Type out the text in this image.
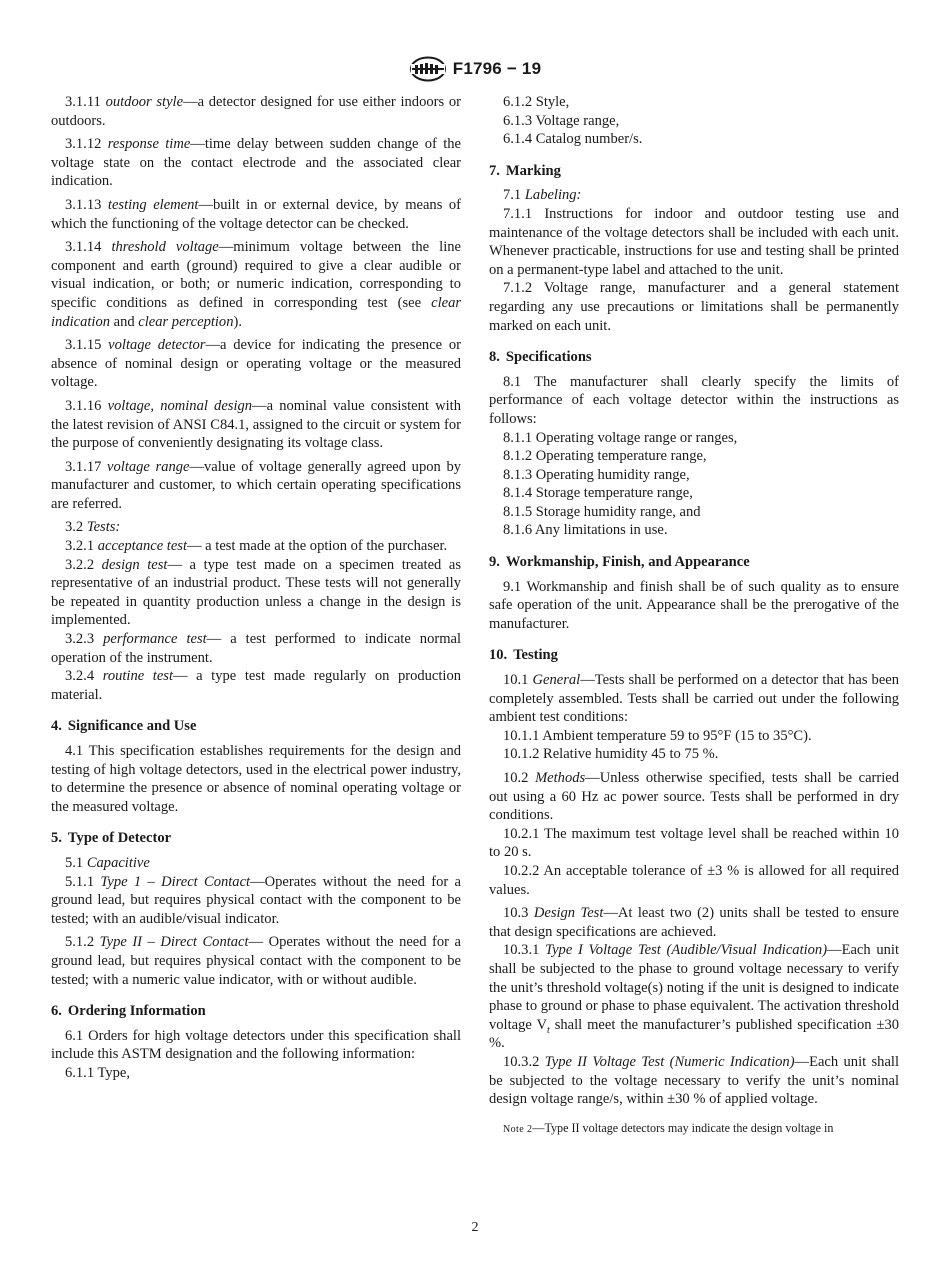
F1796 − 19

3.1.11 outdoor style—a detector designed for use either indoors or outdoors.

3.1.12 response time—time delay between sudden change of the voltage state on the contact electrode and the associated clear indication.

3.1.13 testing element—built in or external device, by means of which the functioning of the voltage detector can be checked.

3.1.14 threshold voltage—minimum voltage between the line component and earth (ground) required to give a clear audible or visual indication, or both; or numeric indication, corresponding to specific conditions as defined in corresponding test (see clear indication and clear perception).

3.1.15 voltage detector—a device for indicating the presence or absence of nominal design or operating voltage or the measured voltage.

3.1.16 voltage, nominal design—a nominal value consistent with the latest revision of ANSI C84.1, assigned to the circuit or system for the purpose of conveniently designating its voltage class.

3.1.17 voltage range—value of voltage generally agreed upon by manufacturer and customer, to which certain operating specifications are referred.

3.2 Tests:

3.2.1 acceptance test— a test made at the option of the purchaser.

3.2.2 design test— a type test made on a specimen treated as representative of an industrial product. These tests will not generally be repeated in quantity production unless a change in the design is implemented.

3.2.3 performance test— a test performed to indicate normal operation of the instrument.

3.2.4 routine test— a type test made regularly on production material.

4. Significance and Use

4.1 This specification establishes requirements for the design and testing of high voltage detectors, used in the electrical power industry, to determine the presence or absence of nominal operating voltage or the measured voltage.

5. Type of Detector

5.1 Capacitive

5.1.1 Type 1 – Direct Contact—Operates without the need for a ground lead, but requires physical contact with the component to be tested; with an audible/visual indicator.

5.1.2 Type II – Direct Contact— Operates without the need for a ground lead, but requires physical contact with the component to be tested; with a numeric value indicator, with or without audible.

6. Ordering Information

6.1 Orders for high voltage detectors under this specification shall include this ASTM designation and the following information:

6.1.1 Type,

6.1.2 Style,

6.1.3 Voltage range,

6.1.4 Catalog number/s.

7. Marking

7.1 Labeling:

7.1.1 Instructions for indoor and outdoor testing use and maintenance of the voltage detectors shall be included with each unit. Whenever practicable, instructions for use and testing shall be printed on a permanent-type label and attached to the unit.

7.1.2 Voltage range, manufacturer and a general statement regarding any use precautions or limitations shall be permanently marked on each unit.

8. Specifications

8.1 The manufacturer shall clearly specify the limits of performance of each voltage detector within the instructions as follows:

8.1.1 Operating voltage range or ranges,

8.1.2 Operating temperature range,

8.1.3 Operating humidity range,

8.1.4 Storage temperature range,

8.1.5 Storage humidity range, and

8.1.6 Any limitations in use.

9. Workmanship, Finish, and Appearance

9.1 Workmanship and finish shall be of such quality as to ensure safe operation of the unit. Appearance shall be the prerogative of the manufacturer.

10. Testing

10.1 General—Tests shall be performed on a detector that has been completely assembled. Tests shall be carried out under the following ambient test conditions:

10.1.1 Ambient temperature 59 to 95°F (15 to 35°C).

10.1.2 Relative humidity 45 to 75 %.

10.2 Methods—Unless otherwise specified, tests shall be carried out using a 60 Hz ac power source. Tests shall be performed in dry conditions.

10.2.1 The maximum test voltage level shall be reached within 10 to 20 s.

10.2.2 An acceptable tolerance of ±3 % is allowed for all required values.

10.3 Design Test—At least two (2) units shall be tested to ensure that design specifications are achieved.

10.3.1 Type I Voltage Test (Audible/Visual Indication)—Each unit shall be subjected to the phase to ground voltage necessary to verify the unit’s threshold voltage(s) noting if the unit is designed to indicate phase to ground or phase to phase equivalent. The activation threshold voltage $V_t$ shall meet the manufacturer’s published specification ±30 %.

10.3.2 Type II Voltage Test (Numeric Indication)—Each unit shall be subjected to the voltage necessary to verify the unit’s nominal design voltage range/s, within ±30 % of applied voltage.

Note 2—Type II voltage detectors may indicate the design voltage in

2
